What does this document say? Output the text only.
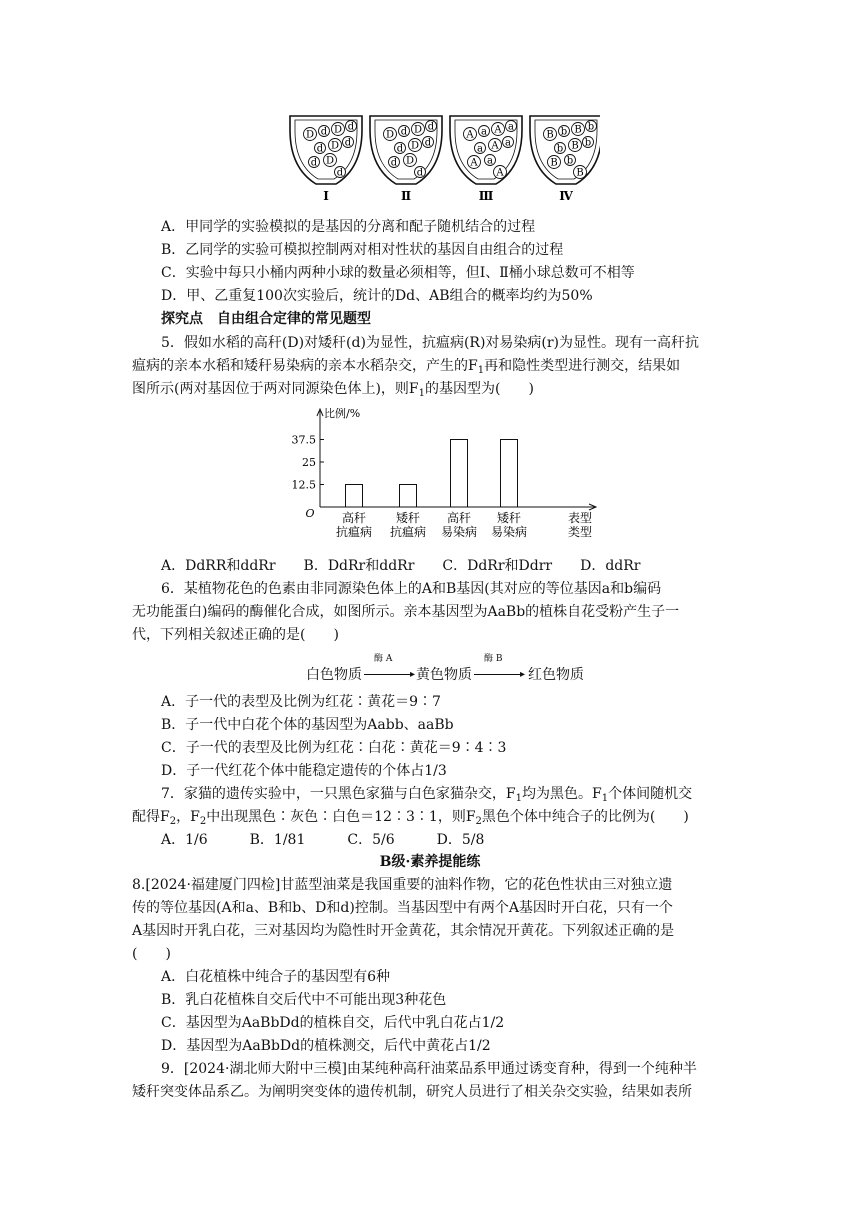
D d D d
d D d
d D
d
Ⅰ
D d D d
d D d
d D
d
Ⅱ
A a A a
a A a
A a
A
Ⅲ
B b B b
b B b
B b
B
Ⅳ
A．甲同学的实验模拟的是基因的分离和配子随机结合的过程
B．乙同学的实验可模拟控制两对相对性状的基因自由组合的过程
C．实验中每只小桶内两种小球的数量必须相等，但Ⅰ、Ⅱ桶小球总数可不相等
D．甲、乙重复100次实验后，统计的Dd、AB组合的概率均约为50%
探究点　自由组合定律的常见题型
5．假如水稻的高秆(D)对矮秆(d)为显性，抗瘟病(R)对易染病(r)为显性。现有一高秆抗
瘟病的亲本水稻和矮秆易染病的亲本水稻杂交，产生的$F_1$再和隐性类型进行测交，结果如
图所示(两对基因位于两对同源染色体上)，则$F_1$的基因型为(　　)
比例/%
O
37.5
25
12.5
高秆
抗瘟病
矮秆
抗瘟病
高秆
易染病
矮秆
易染病
表型
类型
A．DdRR和ddRr　　B．DdRr和ddRr　　C．DdRr和Ddrr　　D．ddRr
6．某植物花色的色素由非同源染色体上的A和B基因(其对应的等位基因a和b编码
无功能蛋白)编码的酶催化合成，如图所示。亲本基因型为AaBb的植株自花受粉产生子一
代，下列相关叙述正确的是(　　)
白色物质
酶 A
▸ 黄色物质
酶 B
▸ 红色物质
A．子一代的表型及比例为红花∶黄花＝9∶7
B．子一代中白花个体的基因型为Aabb、aaBb
C．子一代的表型及比例为红花∶白花∶黄花＝9∶4∶3
D．子一代红花个体中能稳定遗传的个体占1/3
7．家猫的遗传实验中，一只黑色家猫与白色家猫杂交，$F_1$均为黑色。$F_1$个体间随机交
配得$F_2$，$F_2$中出现黑色∶灰色∶白色＝12∶3∶1，则$F_2$黑色个体中纯合子的比例为(　　)
A．1/6　　　B．1/81　　　C．5/6　　　D．5/8
B级·素养提能练
8.[2024·福建厦门四检]甘蓝型油菜是我国重要的油料作物，它的花色性状由三对独立遗
传的等位基因(A和a、B和b、D和d)控制。当基因型中有两个A基因时开白花，只有一个
A基因时开乳白花，三对基因均为隐性时开金黄花，其余情况开黄花。下列叙述正确的是
(　　)
A．白花植株中纯合子的基因型有6种
B．乳白花植株自交后代中不可能出现3种花色
C．基因型为AaBbDd的植株自交，后代中乳白花占1/2
D．基因型为AaBbDd的植株测交，后代中黄花占1/2
9．[2024·湖北师大附中三模]由某纯种高秆油菜品系甲通过诱变育种，得到一个纯种半
矮秆突变体品系乙。为阐明突变体的遗传机制，研究人员进行了相关杂交实验，结果如表所
